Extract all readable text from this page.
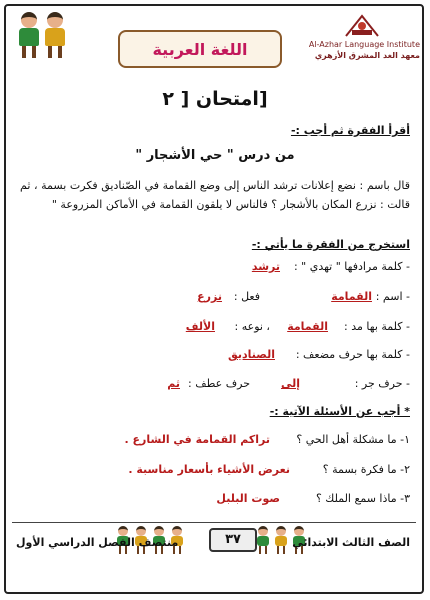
اللغة العربية	Al-Azhar Language Institute
معهد الغد المشرق الأزهري
[امتحان [ ٢
أقرأ الفقرة ثم أجب :-
من درس " حي الأشجار "
قال باسم : نضع إعلانات ترشد الناس إلى وضع القمامة في الصّناديق فكرت بسمة ، ثم قالت : نزرع المكان بالأشجار ؟ فالناس لا يلقون القمامة في الأماكن المزروعة "
استخرج من الفقرة ما يأتي :-
- كلمة مرادفها " تهدي " :
ترشد
- اسم :
القمامة
فعل :
نزرع
- كلمة بها مد :
القمامة
، نوعه :
الألف
- كلمة بها حرف مضعف :
الصناديق
- حرف جر :
إلى
حرف عطف :
ثم
* أجب عن الأسئلة الآتية :-
١- ما مشكلة أهل الحي ؟
تراكم القمامة في الشارع .
٢- ما فكرة بسمة ؟
نعرض الأشياء بأسعار مناسبة .
٣- ماذا سمع الملك ؟
صوت البلبل
٣٧	الصف الثالث الابتدائي
منتصف الفصل الدراسي الأول
